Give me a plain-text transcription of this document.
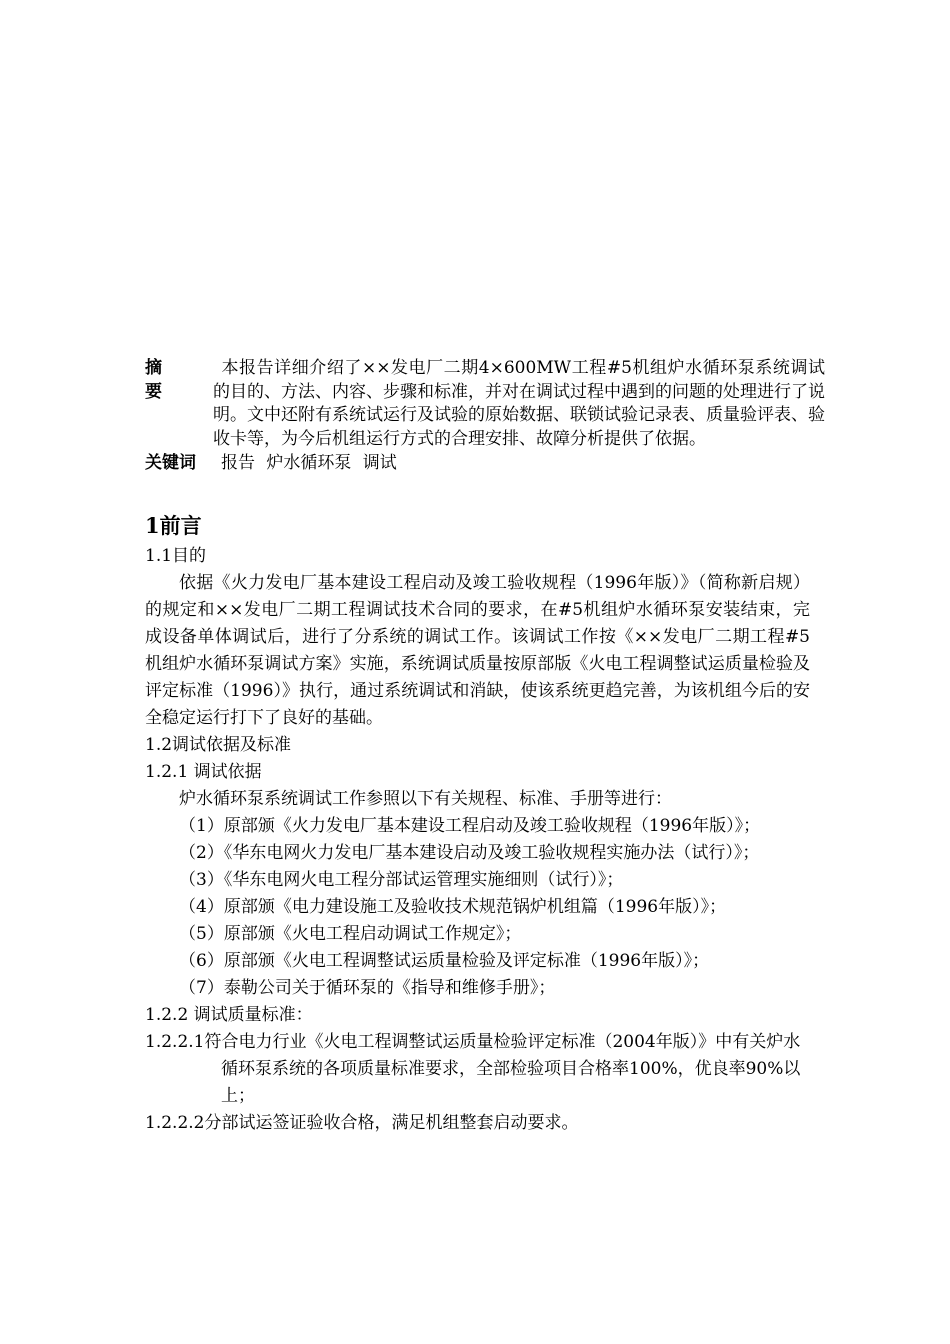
摘要
本报告详细介绍了××发电厂二期4×600MW工程#5机组炉水循环泵系统调试的目的、方法、内容、步骤和标准，并对在调试过程中遇到的问题的处理进行了说明。文中还附有系统试运行及试验的原始数据、联锁试验记录表、质量验评表、验收卡等，为今后机组运行方式的合理安排、故障分析提供了依据。
关键词	报告 炉水循环泵 调试
1前言
1.1目的
依据《火力发电厂基本建设工程启动及竣工验收规程（1996年版）》（简称新启规）的规定和××发电厂二期工程调试技术合同的要求，在#5机组炉水循环泵安装结束，完成设备单体调试后，进行了分系统的调试工作。该调试工作按《××发电厂二期工程#5机组炉水循环泵调试方案》实施，系统调试质量按原部版《火电工程调整试运质量检验及评定标准（1996）》执行，通过系统调试和消缺，使该系统更趋完善，为该机组今后的安全稳定运行打下了良好的基础。
1.2调试依据及标准
1.2.1 调试依据
炉水循环泵系统调试工作参照以下有关规程、标准、手册等进行：
（1）原部颁《火力发电厂基本建设工程启动及竣工验收规程（1996年版）》；
（2）《华东电网火力发电厂基本建设启动及竣工验收规程实施办法（试行）》；
（3）《华东电网火电工程分部试运管理实施细则（试行）》；
（4）原部颁《电力建设施工及验收技术规范锅炉机组篇（1996年版）》；
（5）原部颁《火电工程启动调试工作规定》；
（6）原部颁《火电工程调整试运质量检验及评定标准（1996年版）》；
（7）泰勒公司关于循环泵的《指导和维修手册》；
1.2.2 调试质量标准：
1.2.2.1符合电力行业《火电工程调整试运质量检验评定标准（2004年版）》中有关炉水循环泵系统的各项质量标准要求，全部检验项目合格率100%，优良率90%以上；
1.2.2.2分部试运签证验收合格，满足机组整套启动要求。
